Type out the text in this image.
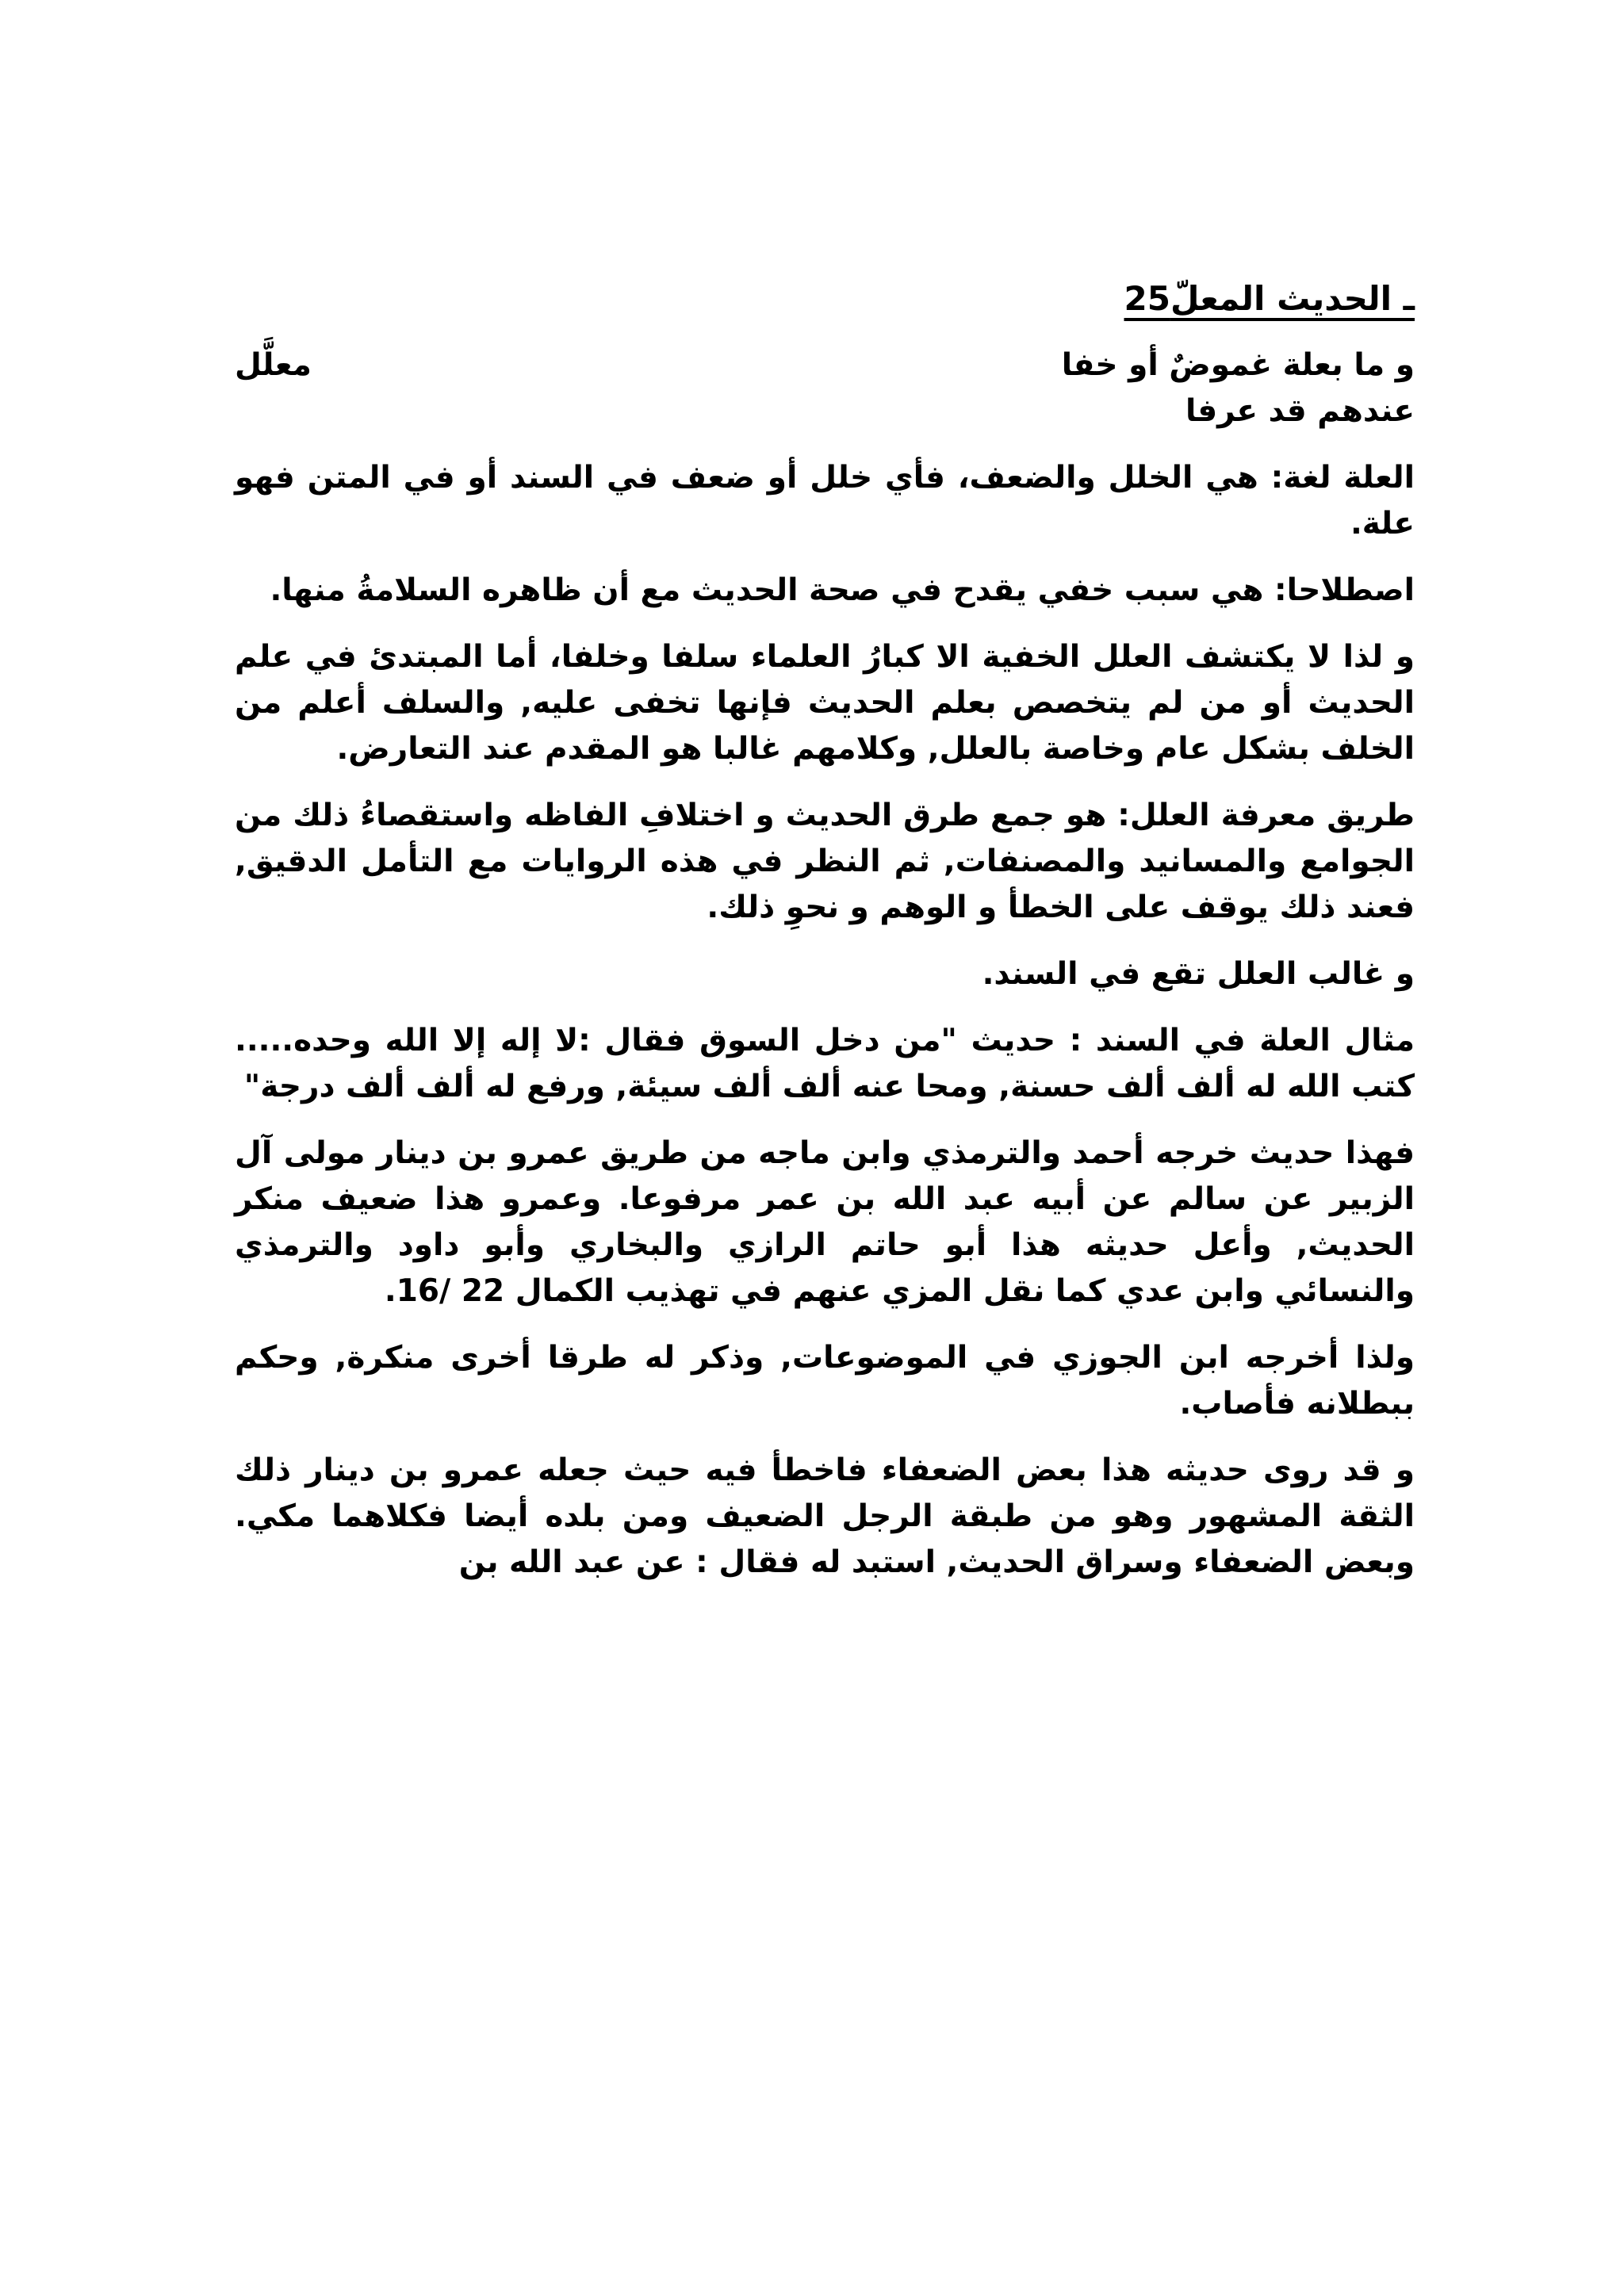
ـ الحديث المعلّ25
و ما بعلة غموضٌ أو خفا
معلَّل
عندهم قد عرفا

العلة لغة: هي الخلل والضعف، فأي خلل أو ضعف في السند أو في المتن فهو علة.

اصطلاحا: هي سبب خفي يقدح في صحة الحديث مع أن ظاهره السلامةُ منها.

و لذا لا يكتشف العلل الخفية الا كبارُ العلماء سلفا وخلفا، أما المبتدئ في علم الحديث أو من لم يتخصص بعلم الحديث فإنها تخفى عليه, والسلف أعلم من الخلف بشكل عام وخاصة بالعلل, وكلامهم غالبا هو المقدم عند التعارض.

طريق معرفة العلل: هو جمع طرق الحديث و اختلافِ الفاظه واستقصاءُ ذلك من الجوامع والمسانيد والمصنفات, ثم النظر في هذه الروايات مع التأمل الدقيق, فعند ذلك يوقف على الخطأ و الوهم و نحوِ ذلك.

و غالب العلل تقع في السند.

مثال العلة في السند : حديث "من دخل السوق فقال :لا إله إلا الله وحده..... كتب الله له ألف ألف حسنة, ومحا عنه ألف ألف سيئة, ورفع له ألف ألف درجة"

فهذا حديث خرجه أحمد والترمذي وابن ماجه من طريق عمرو بن دينار مولى آل الزبير عن سالم عن أبيه عبد الله بن عمر مرفوعا. وعمرو هذا ضعيف منكر الحديث, وأعل حديثه هذا أبو حاتم الرازي والبخاري وأبو داود والترمذي والنسائي وابن عدي كما نقل المزي عنهم في تهذيب الكمال 22 /16.

ولذا أخرجه ابن الجوزي في الموضوعات, وذكر له طرقا أخرى منكرة, وحكم ببطلانه فأصاب.

و قد روى حديثه هذا بعض الضعفاء فاخطأ فيه حيث جعله عمرو بن دينار ذلك الثقة المشهور وهو من طبقة الرجل الضعيف ومن بلده أيضا فكلاهما مكي. وبعض الضعفاء وسراق الحديث, استبد له فقال : عن عبد الله بن
